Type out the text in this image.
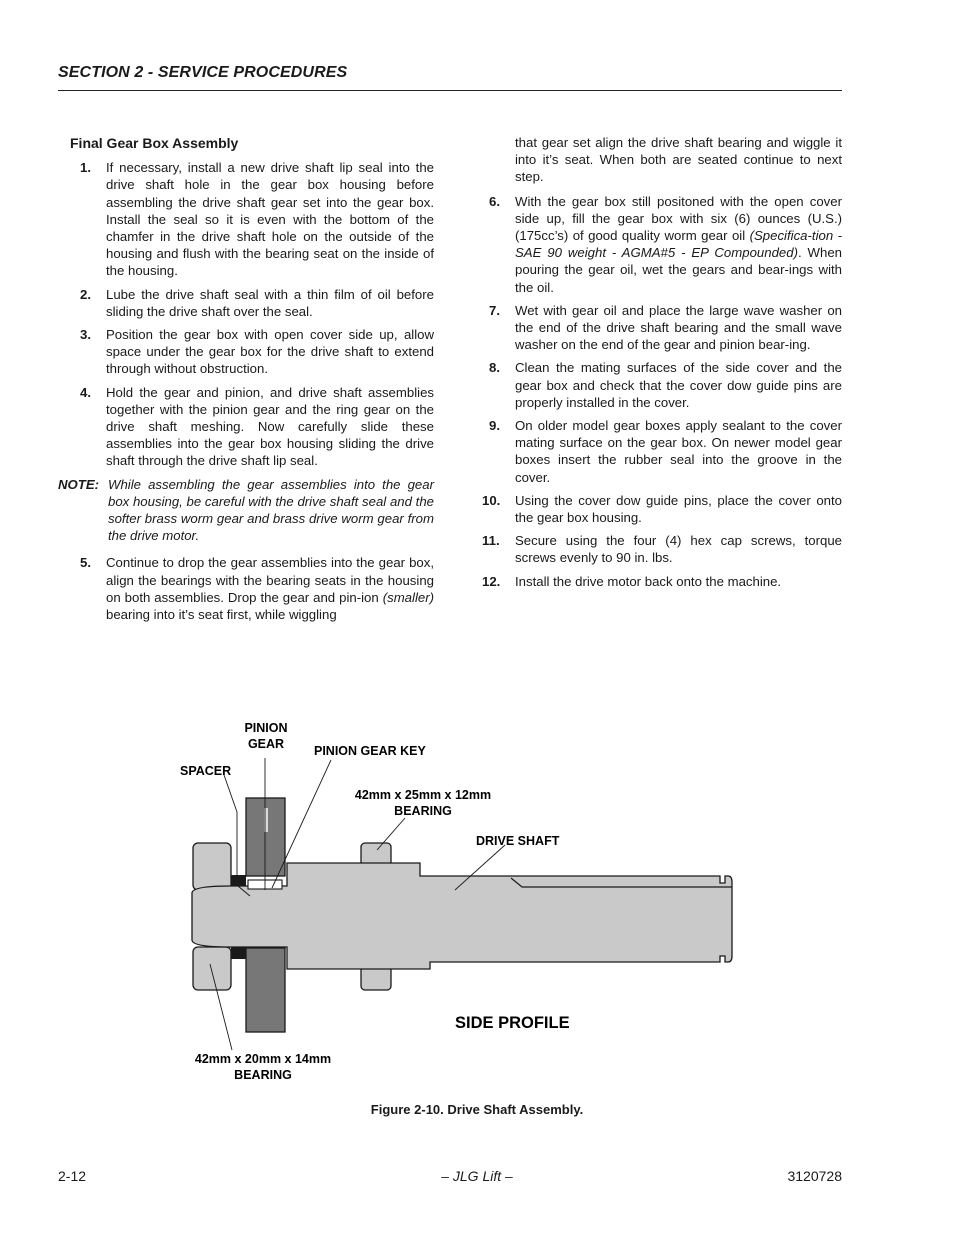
SECTION 2 - SERVICE PROCEDURES
Final Gear Box Assembly
1. If necessary, install a new drive shaft lip seal into the drive shaft hole in the gear box housing before assembling the drive shaft gear set into the gear box. Install the seal so it is even with the bottom of the chamfer in the drive shaft hole on the outside of the housing and flush with the bearing seat on the inside of the housing.
2. Lube the drive shaft seal with a thin film of oil before sliding the drive shaft over the seal.
3. Position the gear box with open cover side up, allow space under the gear box for the drive shaft to extend through without obstruction.
4. Hold the gear and pinion, and drive shaft assemblies together with the pinion gear and the ring gear on the drive shaft meshing. Now carefully slide these assemblies into the gear box housing sliding the drive shaft through the drive shaft lip seal.
NOTE: While assembling the gear assemblies into the gear box housing, be careful with the drive shaft seal and the softer brass worm gear and brass drive worm gear from the drive motor.
5. Continue to drop the gear assemblies into the gear box, align the bearings with the bearing seats in the housing on both assemblies. Drop the gear and pin-ion (smaller) bearing into it’s seat first, while wiggling
that gear set align the drive shaft bearing and wiggle it into it’s seat. When both are seated continue to next step.
6. With the gear box still positoned with the open cover side up, fill the gear box with six (6) ounces (U.S.) (175cc’s) of good quality worm gear oil (Specifica-tion - SAE 90 weight - AGMA#5 - EP Compounded). When pouring the gear oil, wet the gears and bear-ings with the oil.
7. Wet with gear oil and place the large wave washer on the end of the drive shaft bearing and the small wave washer on the end of the gear and pinion bear-ing.
8. Clean the mating surfaces of the side cover and the gear box and check that the cover dow guide pins are properly installed in the cover.
9. On older model gear boxes apply sealant to the cover mating surface on the gear box. On newer model gear boxes insert the rubber seal into the groove in the cover.
10. Using the cover dow guide pins, place the cover onto the gear box housing.
11. Secure using the four (4) hex cap screws, torque screws evenly to 90 in. lbs.
12. Install the drive motor back onto the machine.
PINION
GEAR PINION GEAR KEY
SPACER
42mm x 25mm x 12mm
BEARING
DRIVE SHAFT
SIDE PROFILE
42mm x 20mm x 14mm
BEARING
Figure 2-10. Drive Shaft Assembly.
2-12	– JLG Lift –	3120728
